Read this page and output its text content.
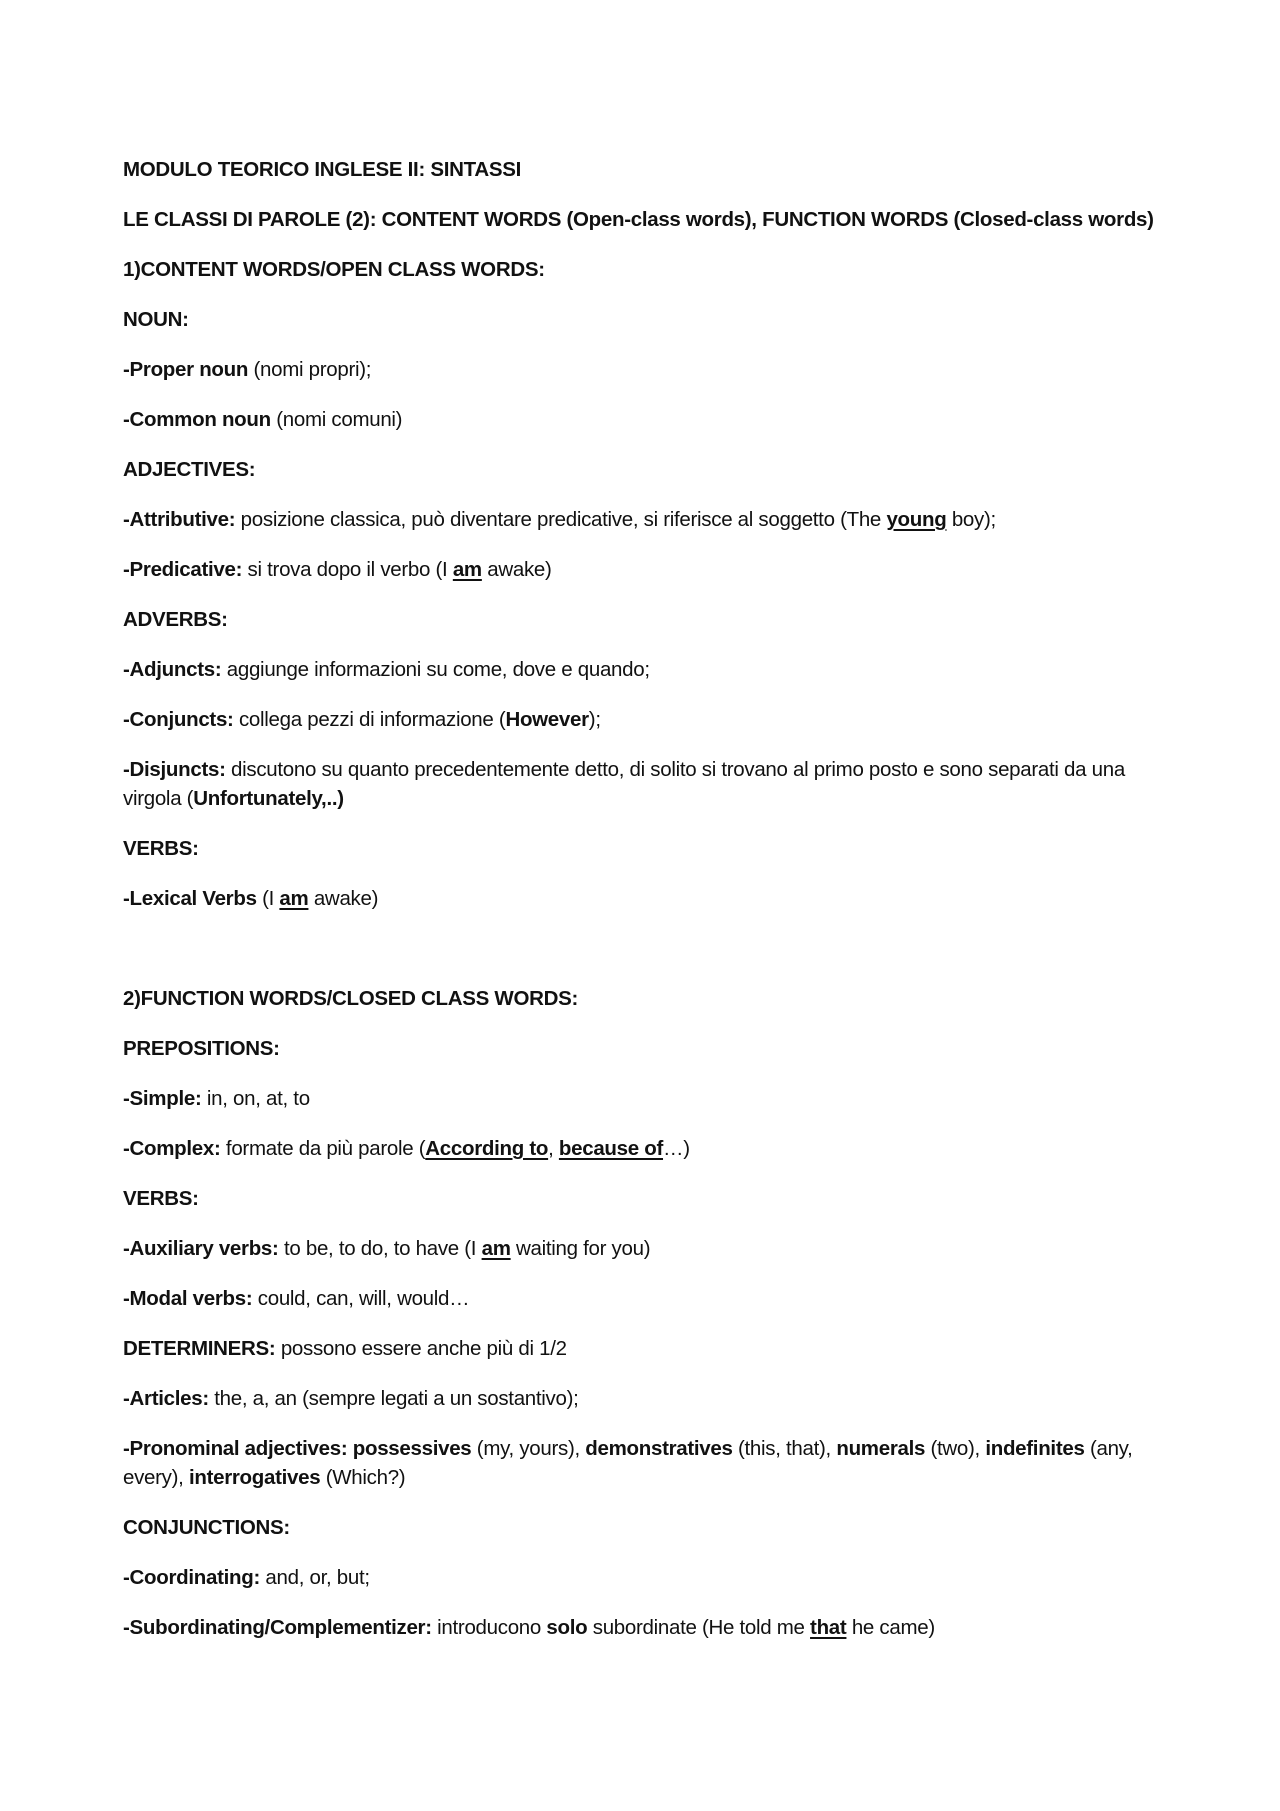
MODULO TEORICO INGLESE II: SINTASSI

LE CLASSI DI PAROLE (2): CONTENT WORDS (Open-class words), FUNCTION WORDS (Closed-class words)

1)CONTENT WORDS/OPEN CLASS WORDS:

NOUN:

-Proper noun (nomi propri);

-Common noun (nomi comuni)

ADJECTIVES:

-Attributive: posizione classica, può diventare predicative, si riferisce al soggetto (The young boy);

-Predicative: si trova dopo il verbo (I am awake)

ADVERBS:

-Adjuncts: aggiunge informazioni su come, dove e quando;

-Conjuncts: collega pezzi di informazione (However);

-Disjuncts: discutono su quanto precedentemente detto, di solito si trovano al primo posto e sono separati da una virgola (Unfortunately,..)

VERBS:

-Lexical Verbs (I am awake)

2)FUNCTION WORDS/CLOSED CLASS WORDS:

PREPOSITIONS:

-Simple: in, on, at, to

-Complex: formate da più parole (According to, because of…)

VERBS:

-Auxiliary verbs: to be, to do, to have (I am waiting for you)

-Modal verbs: could, can, will, would…

DETERMINERS: possono essere anche più di 1/2

-Articles: the, a, an (sempre legati a un sostantivo);

-Pronominal adjectives: possessives (my, yours), demonstratives (this, that), numerals (two), indefinites (any, every), interrogatives (Which?)

CONJUNCTIONS:

-Coordinating: and, or, but;

-Subordinating/Complementizer: introducono solo subordinate (He told me that he came)
